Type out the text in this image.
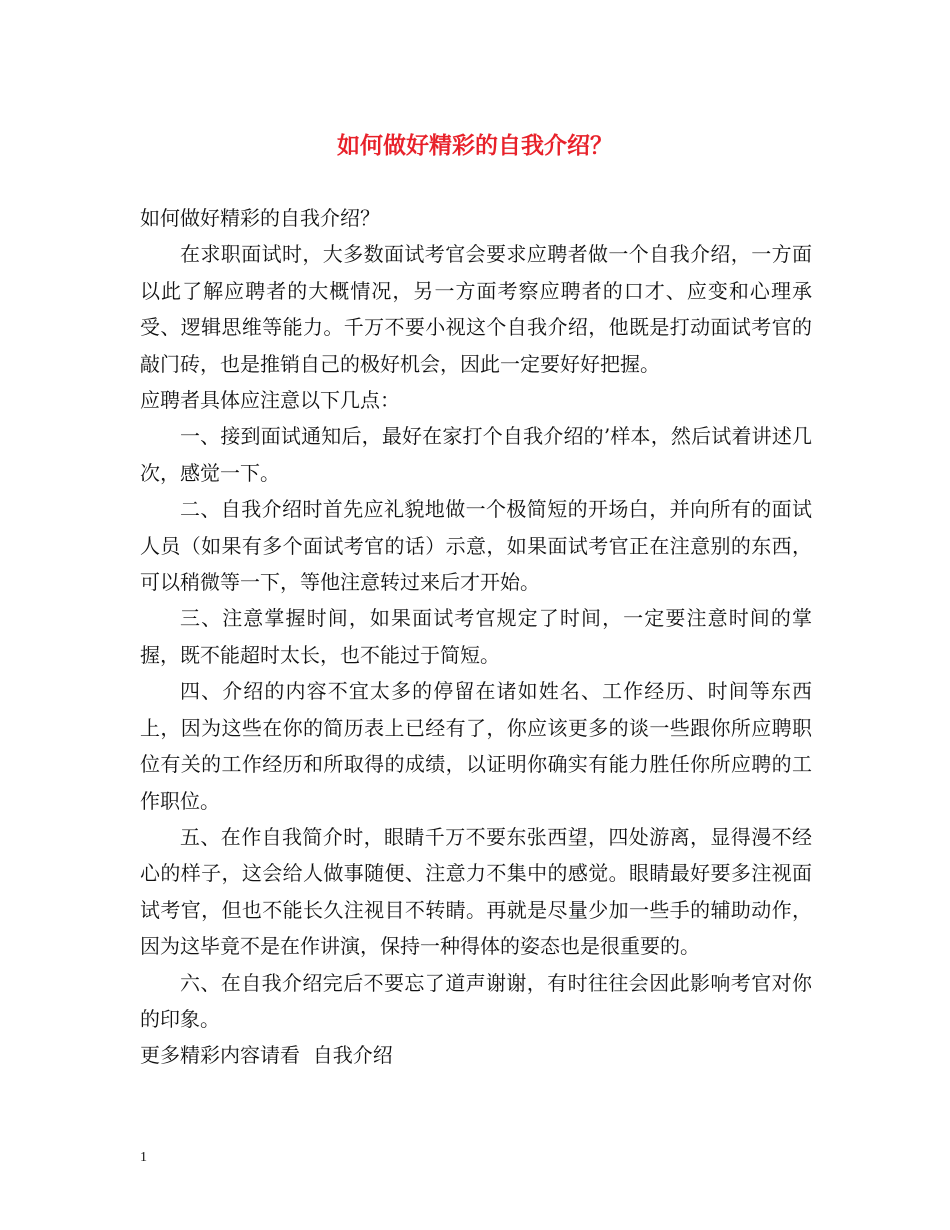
如何做好精彩的自我介绍？

如何做好精彩的自我介绍？

在求职面试时，大多数面试考官会要求应聘者做一个自我介绍，一方面以此了解应聘者的大概情况，另一方面考察应聘者的口才、应变和心理承受、逻辑思维等能力。千万不要小视这个自我介绍，他既是打动面试考官的敲门砖，也是推销自己的极好机会，因此一定要好好把握。

应聘者具体应注意以下几点：

一、接到面试通知后，最好在家打个自我介绍的’样本，然后试着讲述几次，感觉一下。

二、自我介绍时首先应礼貌地做一个极简短的开场白，并向所有的面试人员（如果有多个面试考官的话）示意，如果面试考官正在注意别的东西，可以稍微等一下，等他注意转过来后才开始。

三、注意掌握时间，如果面试考官规定了时间，一定要注意时间的掌握，既不能超时太长，也不能过于简短。

四、介绍的内容不宜太多的停留在诸如姓名、工作经历、时间等东西上，因为这些在你的简历表上已经有了，你应该更多的谈一些跟你所应聘职位有关的工作经历和所取得的成绩，以证明你确实有能力胜任你所应聘的工作职位。

五、在作自我简介时，眼睛千万不要东张西望，四处游离，显得漫不经心的样子，这会给人做事随便、注意力不集中的感觉。眼睛最好要多注视面试考官，但也不能长久注视目不转睛。再就是尽量少加一些手的辅助动作，因为这毕竟不是在作讲演，保持一种得体的姿态也是很重要的。

六、在自我介绍完后不要忘了道声谢谢，有时往往会因此影响考官对你的印象。

更多精彩内容请看  自我介绍

1
